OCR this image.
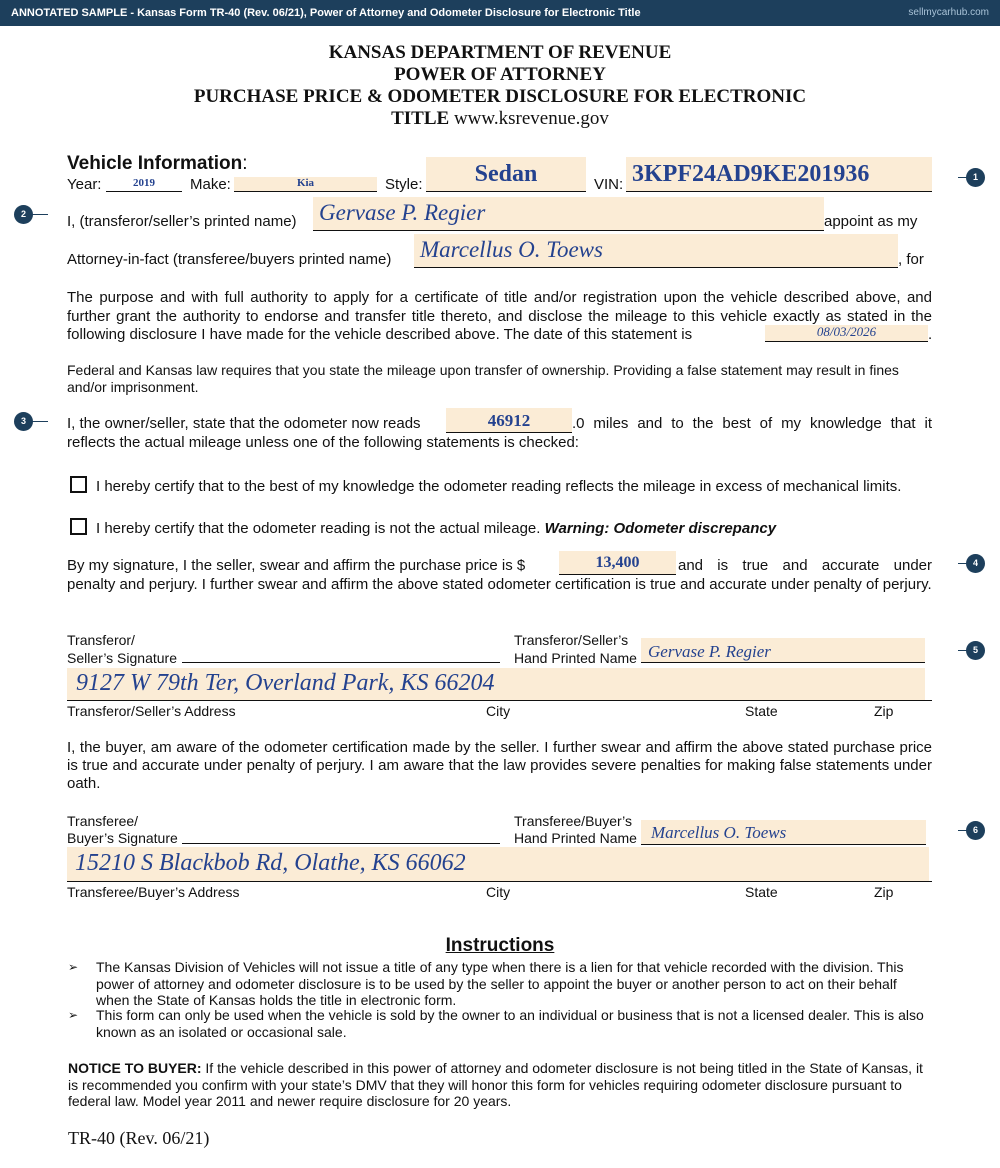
ANNOTATED SAMPLE - Kansas Form TR-40 (Rev. 06/21), Power of Attorney and Odometer Disclosure for Electronic Title	sellmycarhub.com
KANSAS DEPARTMENT OF REVENUE
POWER OF ATTORNEY
PURCHASE PRICE & ODOMETER DISCLOSURE FOR ELECTRONIC
TITLE www.ksrevenue.gov
Vehicle Information:
Year:	2019	Make:	Kia	Style:	Sedan	VIN: 3KPF24AD9KE201936
I, (transferor/seller’s printed name) Gervase P. Regier	appoint as my
Attorney-in-fact (transferee/buyers printed name) Marcellus O. Toews	, for
The purpose and with full authority to apply for a certificate of title and/or registration upon the vehicle described above, and further grant the authority to endorse and transfer title thereto, and disclose the mileage to this vehicle exactly as stated in the following disclosure I have made for the vehicle described above. The date of this statement is	08/03/2026	.
Federal and Kansas law requires that you state the mileage upon transfer of ownership. Providing a false statement may result in fines and/or imprisonment.
I, the owner/seller, state that the odometer now reads	46912	.0 miles and to the best of my knowledge that it
reflects the actual mileage unless one of the following statements is checked:
I hereby certify that to the best of my knowledge the odometer reading reflects the mileage in excess of mechanical limits.
I hereby certify that the odometer reading is not the actual mileage. Warning: Odometer discrepancy
By my signature, I the seller, swear and affirm the purchase price is $	13,400	and is true and accurate under
penalty and perjury. I further swear and affirm the above stated odometer certification is true and accurate under penalty of perjury.
Transferor/
Seller’s Signature
Transferor/Seller’s
Hand Printed Name Gervase P. Regier
9127 W 79th Ter, Overland Park, KS 66204
Transferor/Seller’s Address	City	State	Zip
I, the buyer, am aware of the odometer certification made by the seller. I further swear and affirm the above stated purchase price is true and accurate under penalty of perjury. I am aware that the law provides severe penalties for making false statements under oath.
Transferee/
Buyer’s Signature
Transferee/Buyer’s
Hand Printed Name Marcellus O. Toews
15210 S Blackbob Rd, Olathe, KS 66062
Transferee/Buyer’s Address	City	State	Zip
Instructions
➢ The Kansas Division of Vehicles will not issue a title of any type when there is a lien for that vehicle recorded with the division. This power of attorney and odometer disclosure is to be used by the seller to appoint the buyer or another person to act on their behalf when the State of Kansas holds the title in electronic form.
➢ This form can only be used when the vehicle is sold by the owner to an individual or business that is not a licensed dealer. This is also known as an isolated or occasional sale.
NOTICE TO BUYER: If the vehicle described in this power of attorney and odometer disclosure is not being titled in the State of Kansas, it is recommended you confirm with your state’s DMV that they will honor this form for vehicles requiring odometer disclosure pursuant to federal law. Model year 2011 and newer require disclosure for 20 years.
TR-40 (Rev. 06/21)
1
2
3
4
5
6
